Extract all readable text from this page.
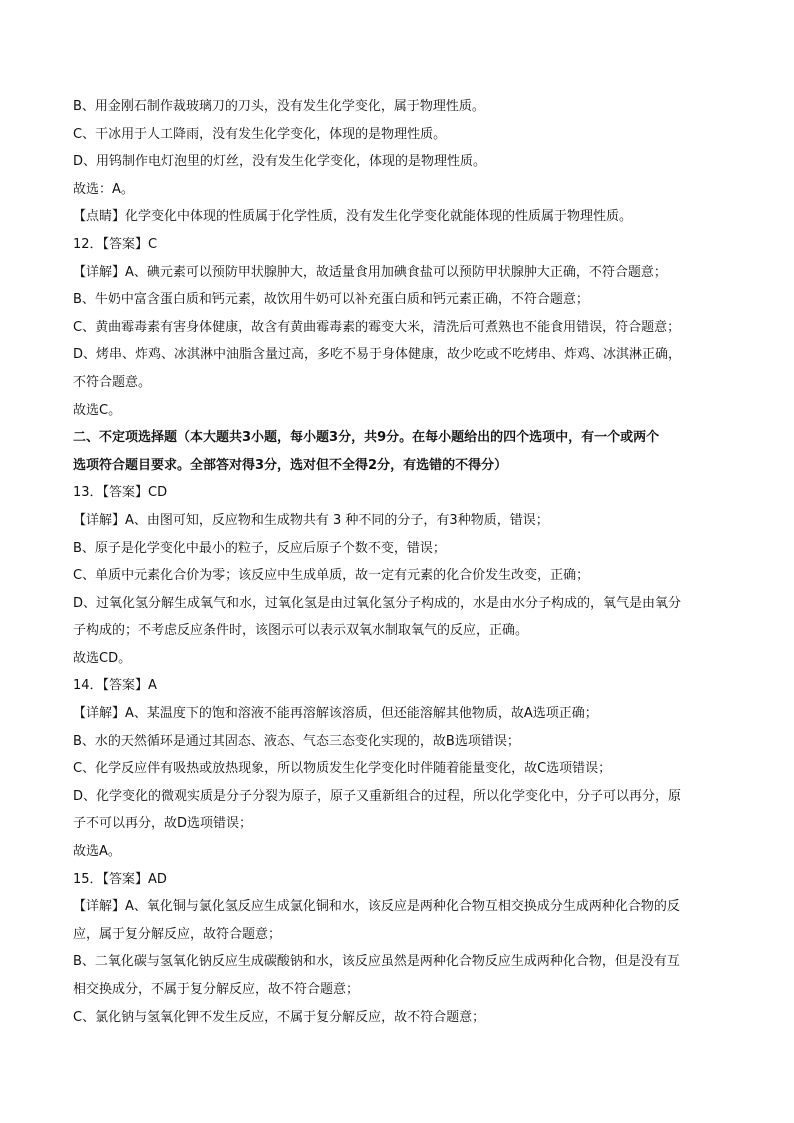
B、用金刚石制作裁玻璃刀的刀头，没有发生化学变化，属于物理性质。
C、干冰用于人工降雨，没有发生化学变化，体现的是物理性质。
D、用钨制作电灯泡里的灯丝，没有发生化学变化，体现的是物理性质。
故选：A。
【点睛】化学变化中体现的性质属于化学性质，没有发生化学变化就能体现的性质属于物理性质。
12．【答案】C
【详解】A、碘元素可以预防甲状腺肿大，故适量食用加碘食盐可以预防甲状腺肿大正确，不符合题意；
B、牛奶中富含蛋白质和钙元素，故饮用牛奶可以补充蛋白质和钙元素正确，不符合题意；
C、黄曲霉毒素有害身体健康，故含有黄曲霉毒素的霉变大米，清洗后可煮熟也不能食用错误，符合题意；
D、烤串、炸鸡、冰淇淋中油脂含量过高，多吃不易于身体健康，故少吃或不吃烤串、炸鸡、冰淇淋正确，
不符合题意。
故选C。
二、不定项选择题（本大题共3小题，每小题3分，共9分。在每小题给出的四个选项中，有一个或两个
选项符合题目要求。全部答对得3分，选对但不全得2分，有选错的不得分）
13．【答案】CD
【详解】A、由图可知，反应物和生成物共有 3 种不同的分子，有3种物质，错误；
B、原子是化学变化中最小的粒子，反应后原子个数不变，错误；
C、单质中元素化合价为零；该反应中生成单质，故一定有元素的化合价发生改变，正确；
D、过氧化氢分解生成氧气和水，过氧化氢是由过氧化氢分子构成的，水是由水分子构成的，氧气是由氧分
子构成的；不考虑反应条件时，该图示可以表示双氧水制取氧气的反应，正确。
故选CD。
14．【答案】A
【详解】A、某温度下的饱和溶液不能再溶解该溶质，但还能溶解其他物质，故A选项正确；
B、水的天然循环是通过其固态、液态、气态三态变化实现的，故B选项错误；
C、化学反应伴有吸热或放热现象，所以物质发生化学变化时伴随着能量变化，故C选项错误；
D、化学变化的微观实质是分子分裂为原子，原子又重新组合的过程，所以化学变化中，分子可以再分，原
子不可以再分，故D选项错误；
故选A。
15．【答案】AD
【详解】A、氧化铜与氯化氢反应生成氯化铜和水，该反应是两种化合物互相交换成分生成两种化合物的反
应，属于复分解反应，故符合题意；
B、二氧化碳与氢氧化钠反应生成碳酸钠和水，该反应虽然是两种化合物反应生成两种化合物，但是没有互
相交换成分，不属于复分解反应，故不符合题意；
C、氯化钠与氢氧化钾不发生反应，不属于复分解反应，故不符合题意；
